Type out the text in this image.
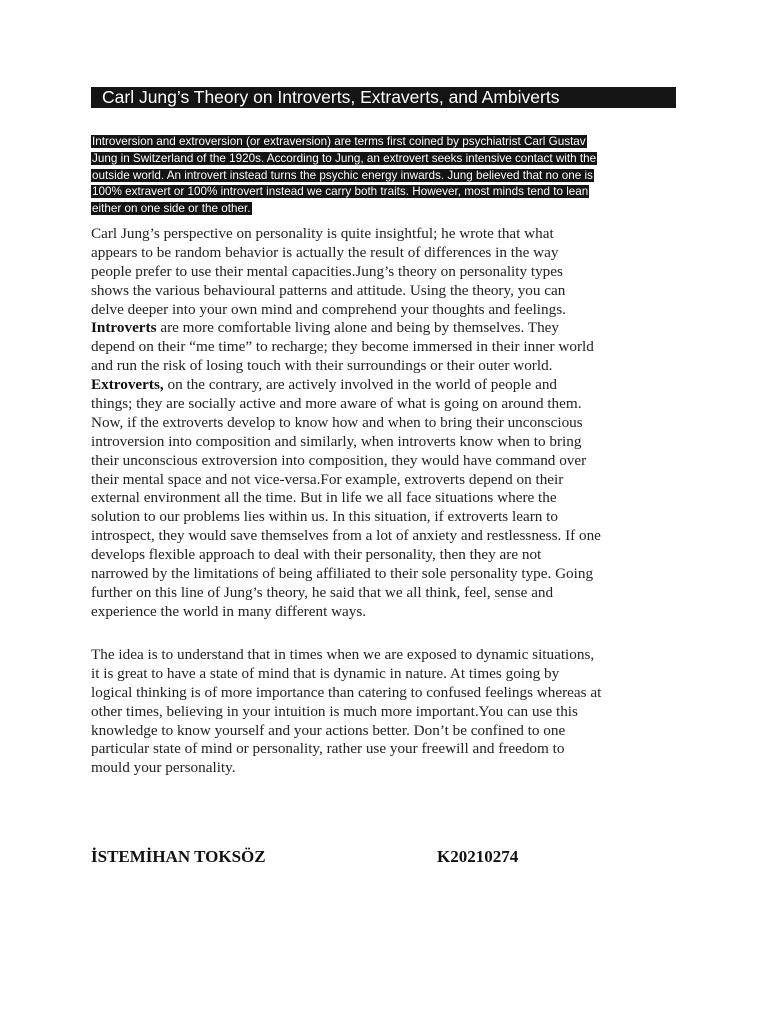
Carl Jung’s Theory on Introverts, Extraverts, and Ambiverts
Introversion and extroversion (or extraversion) are terms first coined by psychiatrist Carl Gustav
Jung in Switzerland of the 1920s. According to Jung, an extrovert seeks intensive contact with the
outside world. An introvert instead turns the psychic energy inwards. Jung believed that no one is
100% extravert or 100% introvert instead we carry both traits. However, most minds tend to lean
either on one side or the other.
Carl Jung’s perspective on personality is quite insightful; he wrote that what
appears to be random behavior is actually the result of differences in the way
people prefer to use their mental capacities.Jung’s theory on personality types
shows the various behavioural patterns and attitude. Using the theory, you can
delve deeper into your own mind and comprehend your thoughts and feelings.
Introverts are more comfortable living alone and being by themselves. They
depend on their “me time” to recharge; they become immersed in their inner world
and run the risk of losing touch with their surroundings or their outer world.
Extroverts, on the contrary, are actively involved in the world of people and
things; they are socially active and more aware of what is going on around them.
Now, if the extroverts develop to know how and when to bring their unconscious
introversion into composition and similarly, when introverts know when to bring
their unconscious extroversion into composition, they would have command over
their mental space and not vice-versa.For example, extroverts depend on their
external environment all the time. But in life we all face situations where the
solution to our problems lies within us. In this situation, if extroverts learn to
introspect, they would save themselves from a lot of anxiety and restlessness. If one
develops flexible approach to deal with their personality, then they are not
narrowed by the limitations of being affiliated to their sole personality type. Going
further on this line of Jung’s theory, he said that we all think, feel, sense and
experience the world in many different ways.
The idea is to understand that in times when we are exposed to dynamic situations,
it is great to have a state of mind that is dynamic in nature. At times going by
logical thinking is of more importance than catering to confused feelings whereas at
other times, believing in your intuition is much more important.You can use this
knowledge to know yourself and your actions better. Don’t be confined to one
particular state of mind or personality, rather use your freewill and freedom to
mould your personality.
İSTEMİHAN TOKSÖZ	K20210274
